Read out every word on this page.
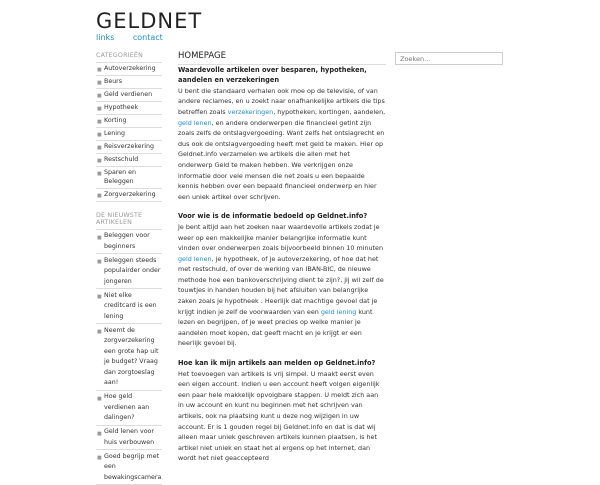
GELDNET
links contact
CATEGORIEËN
■ Autoverzekering
■ Beurs
■ Geld verdienen
■ Hypotheek
■ Korting
■ Lening
■ Reisverzekering
■ Restschuld
■ Sparen en Beleggen
■ Zorgverzekering
DE NIEUWSTE ARTIKELEN
■ Beleggen voor beginners
■ Beleggen steeds populairder onder jongeren
■ Niet elke creditcard is een lening
■ Neemt de zorgverzekering een grote hap uit je budget? Vraag dan zorgtoeslag aan!
■ Hoe geld verdienen aan dalingen?
■ Geld lenen voor huis verbouwen
■ Goed begrijp met een bewakingscamera
HOMEPAGE
Waardevolle artikelen over besparen, hypotheken, aandelen en verzekeringen

U bent die standaard verhalen ook moe op de televisie, of van andere reclames, en u zoekt naar onafhankelijke artikels die tips betreffen zoals verzekeringen, hypotheken, kortingen, aandelen, geld lenen, en andere onderwerpen die financieel getint zijn zoals zelfs de ontslagvergoeding. Want zelfs het ontslagrecht en dus ook de ontslagvergoeding heeft met geld te maken. Hier op Geldnet.info verzamelen we artikels die allen met het onderwerp Geld te maken hebben. We verkrijgen onze informatie door vele mensen die net zoals u een bepaalde kennis hebben over een bepaald financieel onderwerp en hier een uniek artikel over schrijven.

Voor wie is de informatie bedoeld op Geldnet.info?

Je bent altijd aan het zoeken naar waardevolle artikels zodat je weer op een makkelijke manier belangrijke informatie kunt vinden over onderwerpen zoals bijvoorbeeld binnen 10 minuten geld lenen, je hypotheek, of je autoverzekering, of hoe dat het met restschuld, of over de werking van IBAN-BIC, de nieuwe methode hoe een bankoverschrijving dient te zijn?, jij wil zelf de touwtjes in handen houden bij het afsluiten van belangrijke zaken zoals je hypotheek . Heerlijk dat machtige gevoel dat je krijgt indien je zelf de voorwaarden van een geld lening kunt lezen en begrijpen, of je weet precies op welke manier je aandelen moet kopen, dat geeft macht en je krijgt er een heerlijk gevoel bij.

Hoe kan ik mijn artikels aan melden op Geldnet.info?

Het toevoegen van artikels is vrij simpel. U maakt eerst even een eigen account. Indien u een account heeft volgen eigenlijk een paar hele makkelijk opvolgbare stappen. U meldt zich aan in uw account en kunt nu beginnen met het schrijven van artikels, ook na plaatsing kunt u deze nog wijzigen in uw account. Er is 1 gouden regel bij Geldnet.info en dat is dat wij alleen maar uniek geschreven artikels kunnen plaatsen, is het artikel niet uniek en staat het al ergens op het internet, dan wordt het niet geaccepteerd

Zoeken...
